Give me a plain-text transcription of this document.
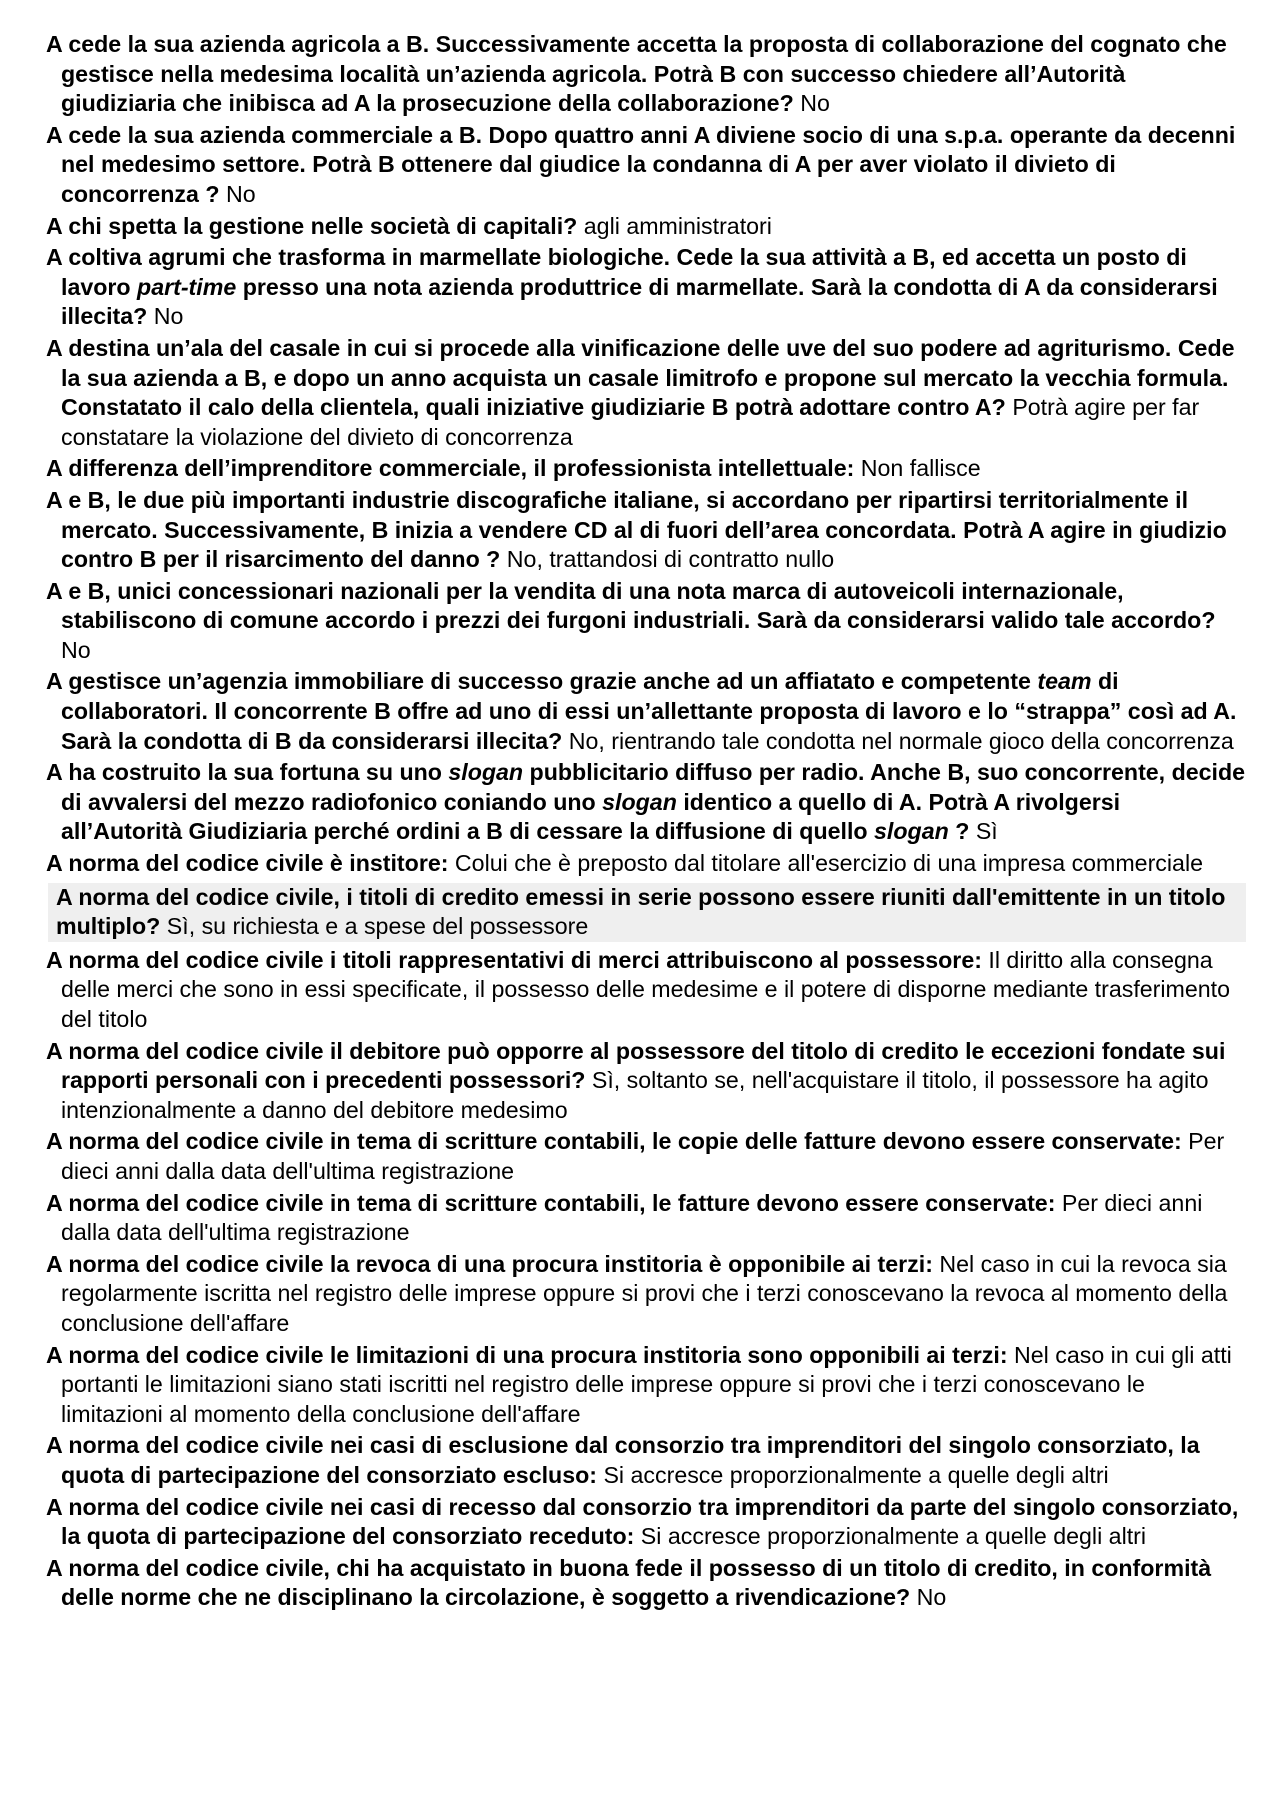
A cede la sua azienda agricola a B. Successivamente accetta la proposta di collaborazione del cognato che gestisce nella medesima località un’azienda agricola. Potrà B con successo chiedere all’Autorità giudiziaria che inibisca ad A la prosecuzione della collaborazione? No

A cede la sua azienda commerciale a B. Dopo quattro anni A diviene socio di una s.p.a. operante da decenni nel medesimo settore. Potrà B ottenere dal giudice la condanna di A per aver violato il divieto di concorrenza ? No

A chi spetta la gestione nelle società di capitali? agli amministratori

A coltiva agrumi che trasforma in marmellate biologiche. Cede la sua attività a B, ed accetta un posto di lavoro part-time presso una nota azienda produttrice di marmellate. Sarà la condotta di A da considerarsi illecita? No

A destina un’ala del casale in cui si procede alla vinificazione delle uve del suo podere ad agriturismo. Cede la sua azienda a B, e dopo un anno acquista un casale limitrofo e propone sul mercato la vecchia formula. Constatato il calo della clientela, quali iniziative giudiziarie B potrà adottare contro A? Potrà agire per far constatare la violazione del divieto di concorrenza

A differenza dell’imprenditore commerciale, il professionista intellettuale: Non fallisce

A e B, le due più importanti industrie discografiche italiane, si accordano per ripartirsi territorialmente il mercato. Successivamente, B inizia a vendere CD al di fuori dell’area concordata. Potrà A agire in giudizio contro B per il risarcimento del danno ? No, trattandosi di contratto nullo

A e B, unici concessionari nazionali per la vendita di una nota marca di autoveicoli internazionale, stabiliscono di comune accordo i prezzi dei furgoni industriali. Sarà da considerarsi valido tale accordo? No

A gestisce un’agenzia immobiliare di successo grazie anche ad un affiatato e competente team di collaboratori. Il concorrente B offre ad uno di essi un’allettante proposta di lavoro e lo “strappa” così ad A. Sarà la condotta di B da considerarsi illecita? No, rientrando tale condotta nel normale gioco della concorrenza

A ha costruito la sua fortuna su uno slogan pubblicitario diffuso per radio. Anche B, suo concorrente, decide di avvalersi del mezzo radiofonico coniando uno slogan identico a quello di A. Potrà A rivolgersi all’Autorità Giudiziaria perché ordini a B di cessare la diffusione di quello slogan ? Sì

A norma del codice civile è institore: Colui che è preposto dal titolare all'esercizio di una impresa commerciale

A norma del codice civile, i titoli di credito emessi in serie possono essere riuniti dall'emittente in un titolo multiplo? Sì, su richiesta e a spese del possessore

A norma del codice civile i titoli rappresentativi di merci attribuiscono al possessore: Il diritto alla consegna delle merci che sono in essi specificate, il possesso delle medesime e il potere di disporne mediante trasferimento del titolo

A norma del codice civile il debitore può opporre al possessore del titolo di credito le eccezioni fondate sui rapporti personali con i precedenti possessori? Sì, soltanto se, nell'acquistare il titolo, il possessore ha agito intenzionalmente a danno del debitore medesimo

A norma del codice civile in tema di scritture contabili, le copie delle fatture devono essere conservate: Per dieci anni dalla data dell'ultima registrazione

A norma del codice civile in tema di scritture contabili, le fatture devono essere conservate: Per dieci anni dalla data dell'ultima registrazione

A norma del codice civile la revoca di una procura institoria è opponibile ai terzi: Nel caso in cui la revoca sia regolarmente iscritta nel registro delle imprese oppure si provi che i terzi conoscevano la revoca al momento della conclusione dell'affare

A norma del codice civile le limitazioni di una procura institoria sono opponibili ai terzi: Nel caso in cui gli atti portanti le limitazioni siano stati iscritti nel registro delle imprese oppure si provi che i terzi conoscevano le limitazioni al momento della conclusione dell'affare

A norma del codice civile nei casi di esclusione dal consorzio tra imprenditori del singolo consorziato, la quota di partecipazione del consorziato escluso: Si accresce proporzionalmente a quelle degli altri

A norma del codice civile nei casi di recesso dal consorzio tra imprenditori da parte del singolo consorziato, la quota di partecipazione del consorziato receduto: Si accresce proporzionalmente a quelle degli altri

A norma del codice civile, chi ha acquistato in buona fede il possesso di un titolo di credito, in conformità delle norme che ne disciplinano la circolazione, è soggetto a rivendicazione? No
